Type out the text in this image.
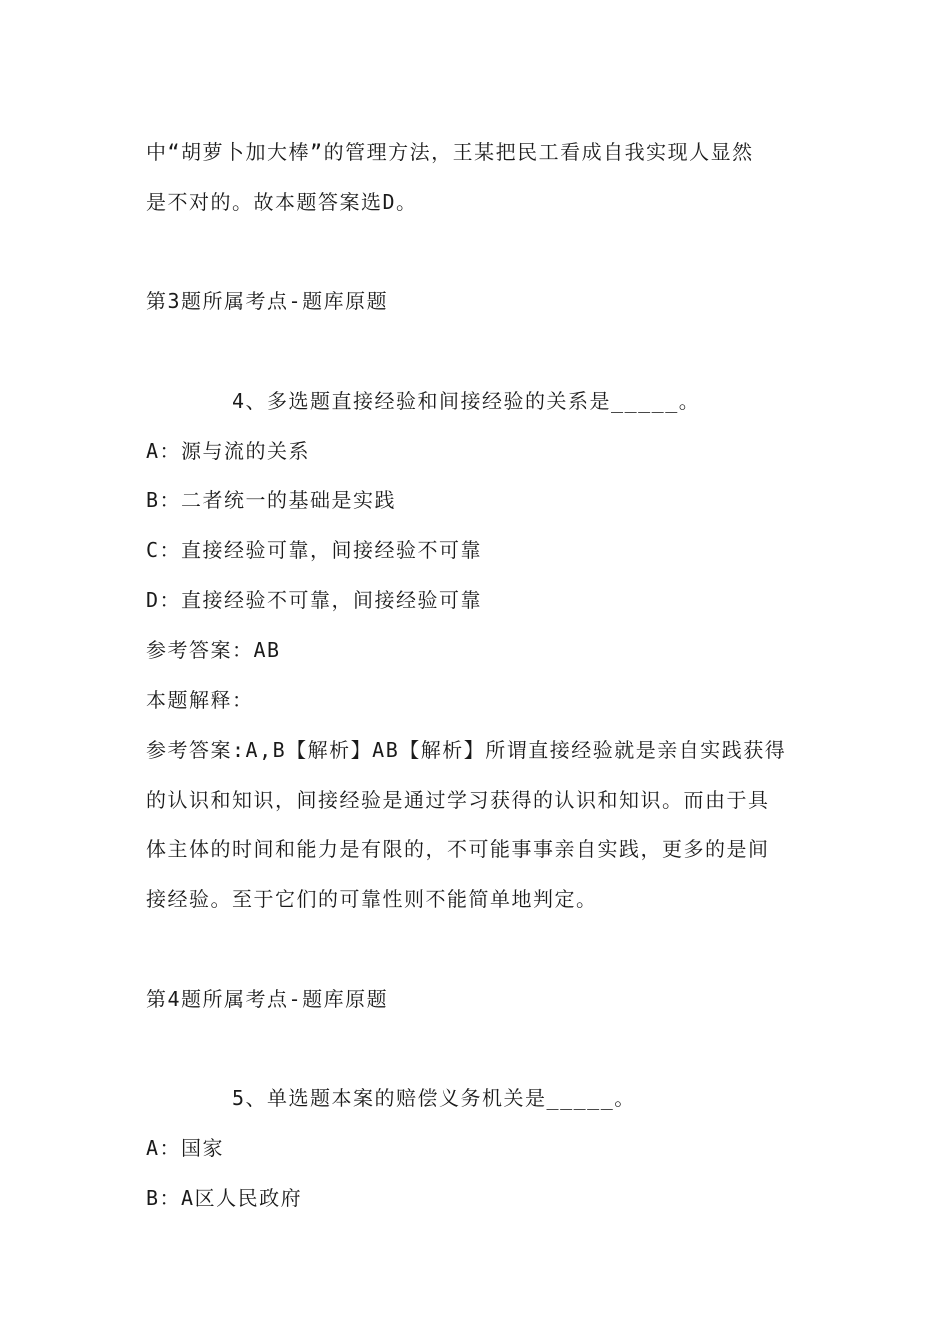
中“胡萝卜加大棒”的管理方法，王某把民工看成自我实现人显然
是不对的。故本题答案选D。
第3题所属考点-题库原题
4、多选题直接经验和间接经验的关系是_____。
A：源与流的关系
B：二者统一的基础是实践
C：直接经验可靠，间接经验不可靠
D：直接经验不可靠，间接经验可靠
参考答案：AB
本题解释：
参考答案:A,B【解析】AB【解析】所谓直接经验就是亲自实践获得
的认识和知识，间接经验是通过学习获得的认识和知识。而由于具
体主体的时间和能力是有限的，不可能事事亲自实践，更多的是间
接经验。至于它们的可靠性则不能简单地判定。
第4题所属考点-题库原题
5、单选题本案的赔偿义务机关是_____。
A：国家
B：A区人民政府
